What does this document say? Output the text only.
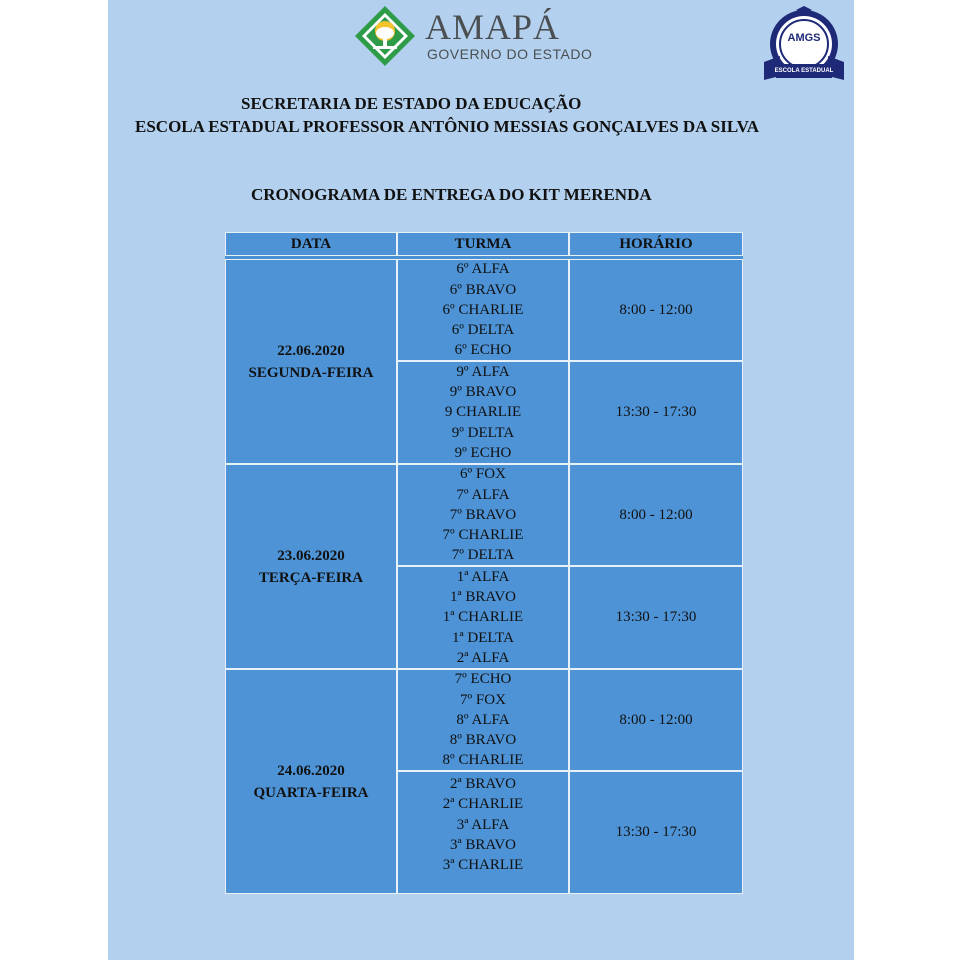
AMAPÁ
GOVERNO DO ESTADO
AMGS
ESCOLA ESTADUAL
SECRETARIA DE ESTADO DA EDUCAÇÃO
ESCOLA ESTADUAL PROFESSOR ANTÔNIO MESSIAS GONÇALVES DA SILVA
CRONOGRAMA DE ENTREGA DO KIT MERENDA
DATA	TURMA	HORÁRIO
22.06.2020
SEGUNDA-FEIRA
6º ALFA
6º BRAVO
6º CHARLIE
6º DELTA
6º ECHO
8:00 - 12:00
9º ALFA
9º BRAVO
9 CHARLIE
9º DELTA
9º ECHO
13:30 - 17:30
23.06.2020
TERÇA-FEIRA
6º FOX
7º ALFA
7º BRAVO
7º CHARLIE
7º DELTA
8:00 - 12:00
1ª ALFA
1ª BRAVO
1ª CHARLIE
1ª DELTA
2ª ALFA
13:30 - 17:30
24.06.2020
QUARTA-FEIRA
7º ECHO
7º FOX
8º ALFA
8º BRAVO
8º CHARLIE
8:00 - 12:00
2ª BRAVO
2ª CHARLIE
3ª ALFA
3ª BRAVO
3ª CHARLIE
13:30 - 17:30
